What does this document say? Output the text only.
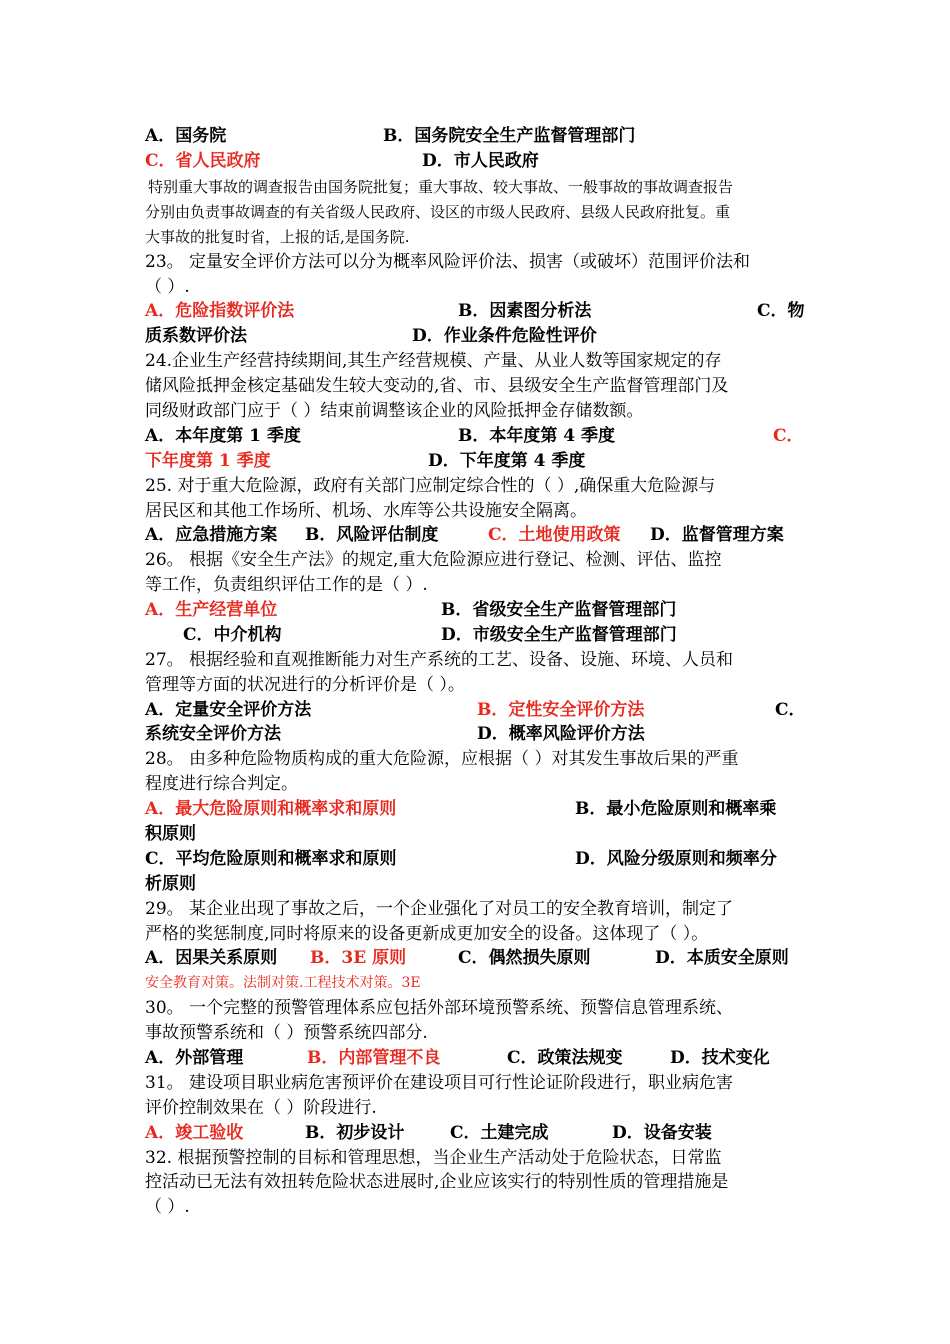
A．国务院	B．国务院安全生产监督管理部门
C．省人民政府	D．市人民政府
特别重大事故的调查报告由国务院批复；重大事故、较大事故、一般事故的事故调查报告
分别由负责事故调查的有关省级人民政府、设区的市级人民政府、县级人民政府批复。重
大事故的批复时省，上报的话,是国务院.
23。 定量安全评价方法可以分为概率风险评价法、损害（或破坏）范围评价法和
（ ）.
A．危险指数评价法	B．因素图分析法	C．物
质系数评价法	D．作业条件危险性评价
24.企业生产经营持续期间,其生产经营规模、产量、从业人数等国家规定的存
储风险抵押金核定基础发生较大变动的,省、市、县级安全生产监督管理部门及
同级财政部门应于（ ）结束前调整该企业的风险抵押金存储数额。
A．本年度第 1 季度	B．本年度第 4 季度	C．
下年度第 1 季度	D．下年度第 4 季度
25. 对于重大危险源，政府有关部门应制定综合性的（ ）,确保重大危险源与
居民区和其他工作场所、机场、水库等公共设施安全隔离。
A．应急措施方案 B．风险评估制度	C．土地使用政策 D．监督管理方案
26。 根据《安全生产法》的规定,重大危险源应进行登记、检测、评估、监控
等工作，负责组织评估工作的是（ ）.
A．生产经营单位	B．省级安全生产监督管理部门
C．中介机构	D．市级安全生产监督管理部门
27。 根据经验和直观推断能力对生产系统的工艺、设备、设施、环境、人员和
管理等方面的状况进行的分析评价是（ ）。
A．定量安全评价方法	B．定性安全评价方法	C．
系统安全评价方法	D．概率风险评价方法
28。 由多种危险物质构成的重大危险源，应根据（ ）对其发生事故后果的严重
程度进行综合判定。
A．最大危险原则和概率求和原则	B．最小危险原则和概率乘
积原则
C．平均危险原则和概率求和原则	D．风险分级原则和频率分
析原则
29。 某企业出现了事故之后，一个企业强化了对员工的安全教育培训，制定了
严格的奖惩制度,同时将原来的设备更新成更加安全的设备。这体现了（ ）。
A．因果关系原则 B．3E 原则	C．偶然损失原则	D．本质安全原则
安全教育对策。法制对策.工程技术对策。3E
30。 一个完整的预警管理体系应包括外部环境预警系统、预警信息管理系统、
事故预警系统和（ ）预警系统四部分.
A．外部管理	B．内部管理不良	C．政策法规变	D．技术变化
31。 建设项目职业病危害预评价在建设项目可行性论证阶段进行，职业病危害
评价控制效果在（ ）阶段进行.
A．竣工验收	B．初步设计	C．土建完成	D．设备安装
32. 根据预警控制的目标和管理思想，当企业生产活动处于危险状态，日常监
控活动已无法有效扭转危险状态进展时,企业应该实行的特别性质的管理措施是
（ ）.
